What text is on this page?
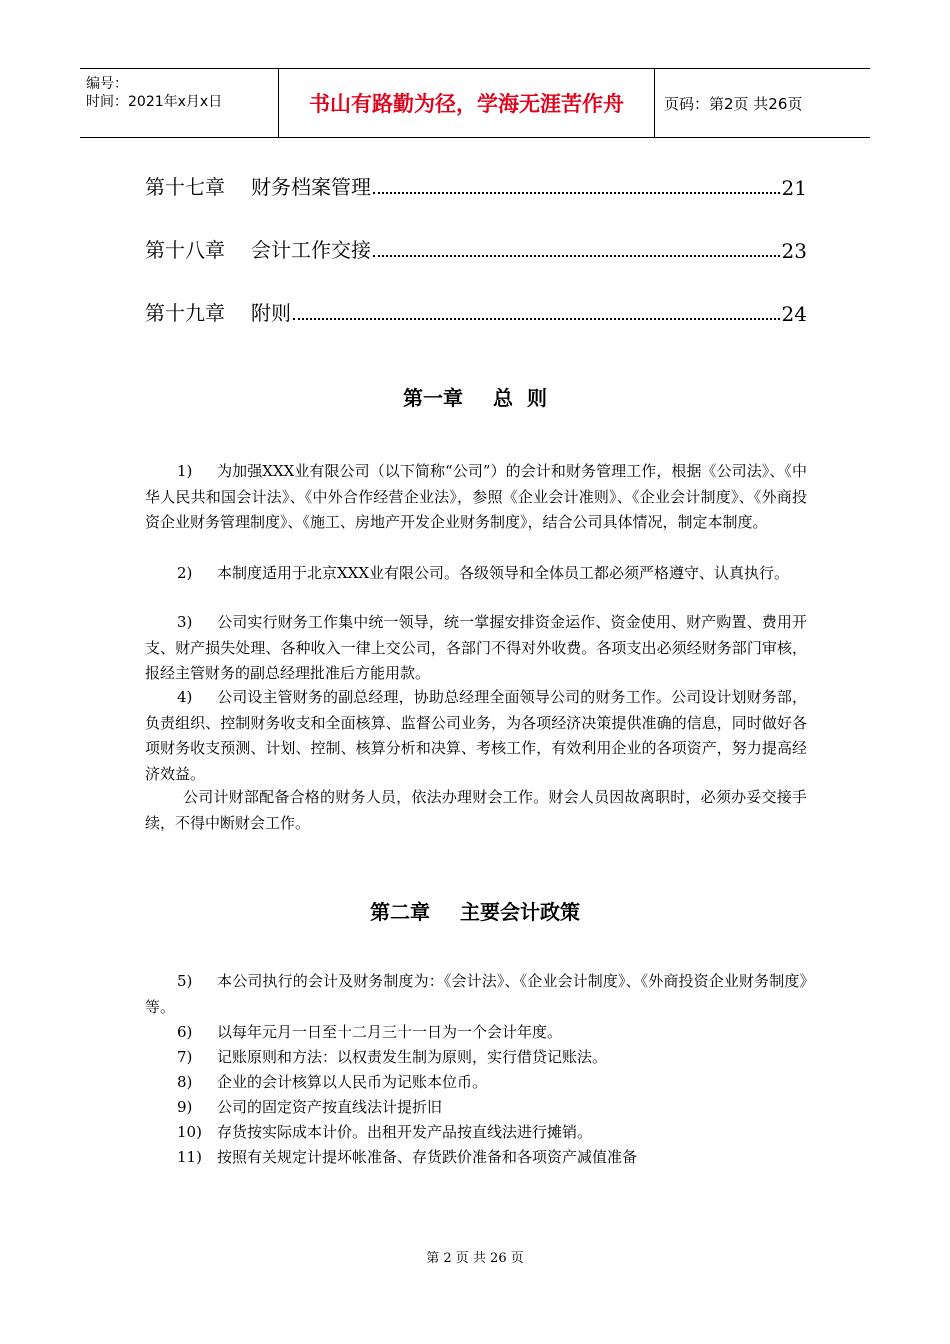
编号：
时间：2021年x月x日	书山有路勤为径，学海无涯苦作舟	页码：第2页 共26页
第十七章 财务档案管理	21
第十八章 会计工作交接	23
第十九章 附则	24
第一章 总  则
1) 为加强XXX业有限公司（以下简称“公司”）的会计和财务管理工作，根据《公司法》、《中华人民共和国会计法》、《中外合作经营企业法》，参照《企业会计准则》、《企业会计制度》、《外商投资企业财务管理制度》、《施工、房地产开发企业财务制度》，结合公司具体情况，制定本制度。
2) 本制度适用于北京XXX业有限公司。各级领导和全体员工都必须严格遵守、认真执行。
3) 公司实行财务工作集中统一领导，统一掌握安排资金运作、资金使用、财产购置、费用开支、财产损失处理、各种收入一律上交公司，各部门不得对外收费。各项支出必须经财务部门审核，报经主管财务的副总经理批准后方能用款。
4) 公司设主管财务的副总经理，协助总经理全面领导公司的财务工作。公司设计划财务部，负责组织、控制财务收支和全面核算、监督公司业务，为各项经济决策提供准确的信息，同时做好各项财务收支预测、计划、控制、核算分析和决算、考核工作，有效利用企业的各项资产，努力提高经济效益。
公司计财部配备合格的财务人员，依法办理财会工作。财会人员因故离职时，必须办妥交接手续，不得中断财会工作。
第二章 主要会计政策
5) 本公司执行的会计及财务制度为：《会计法》、《企业会计制度》、《外商投资企业财务制度》等。
6) 以每年元月一日至十二月三十一日为一个会计年度。
7) 记账原则和方法：以权责发生制为原则，实行借贷记账法。
8) 企业的会计核算以人民币为记账本位币。
9) 公司的固定资产按直线法计提折旧
10) 存货按实际成本计价。出租开发产品按直线法进行摊销。
11) 按照有关规定计提坏帐准备、存货跌价准备和各项资产减值准备
第 2 页 共 26 页
